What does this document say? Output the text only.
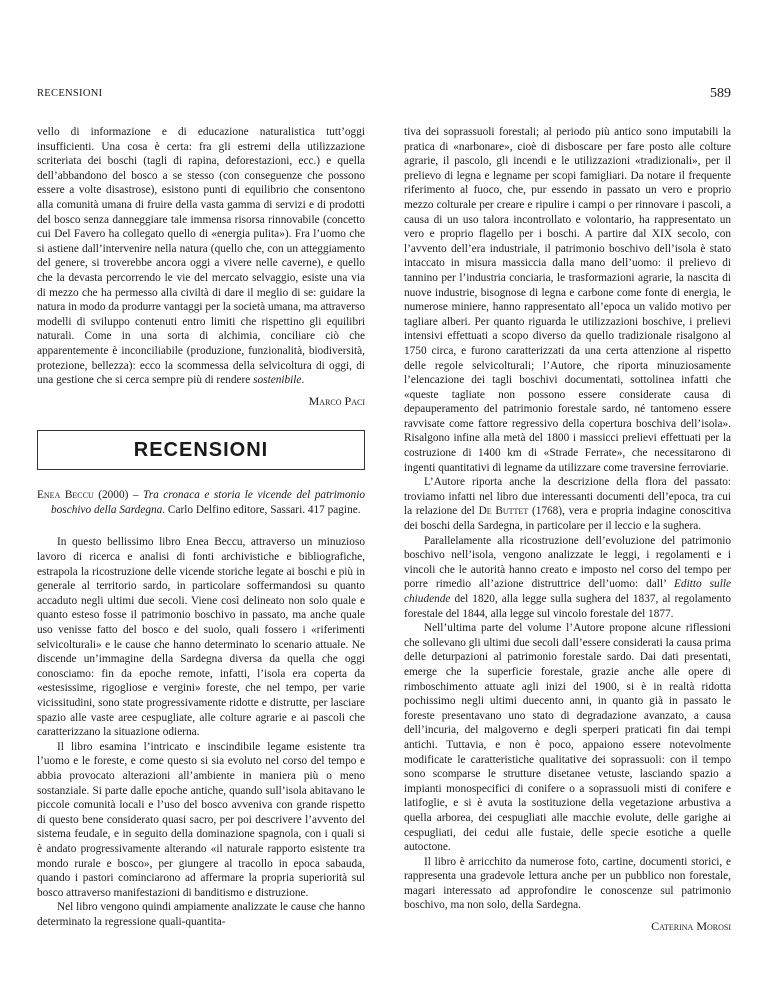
RECENSIONI	589

vello di informazione e di educazione naturalistica tutt’oggi insufficienti. Una cosa è certa: fra gli estremi della utilizzazione scriteriata dei boschi (tagli di rapina, deforestazioni, ecc.) e quella dell’abbandono del bosco a se stesso (con conseguenze che possono essere a volte disastrose), esistono punti di equilibrio che consentono alla comunità umana di fruire della vasta gamma di servizi e di prodotti del bosco senza danneggiare tale immensa risorsa rinnovabile (concetto cui Del Favero ha collegato quello di «energia pulita»). Fra l’uomo che si astiene dall’intervenire nella natura (quello che, con un atteggiamento del genere, si troverebbe ancora oggi a vivere nelle caverne), e quello che la devasta percorrendo le vie del mercato selvaggio, esiste una via di mezzo che ha permesso alla civiltà di dare il meglio di se: guidare la natura in modo da produrre vantaggi per la società umana, ma attraverso modelli di sviluppo contenuti entro limiti che rispettino gli equilibri naturali. Come in una sorta di alchimia, conciliare ciò che apparentemente è inconciliabile (produzione, funzionalità, biodiversità, protezione, bellezza): ecco la scommessa della selvicoltura di oggi, di una gestione che si cerca sempre più di rendere sostenibile.

Marco Paci

RECENSIONI

Enea Beccu (2000) – Tra cronaca e storia le vicende del patrimonio boschivo della Sardegna. Carlo Delfino editore, Sassari. 417 pagine.

In questo bellissimo libro Enea Beccu, attraverso un minuzioso lavoro di ricerca e analisi di fonti archivistiche e bibliografiche, estrapola la ricostruzione delle vicende storiche legate ai boschi e più in generale al territorio sardo, in particolare soffermandosi su quanto accaduto negli ultimi due secoli. Viene così delineato non solo quale e quanto esteso fosse il patrimonio boschivo in passato, ma anche quale uso venisse fatto del bosco e del suolo, quali fossero i «riferimenti selvicolturali» e le cause che hanno determinato lo scenario attuale. Ne discende un’immagine della Sardegna diversa da quella che oggi conosciamo: fin da epoche remote, infatti, l’isola era coperta da «estesissime, rigogliose e vergini» foreste, che nel tempo, per varie vicissitudini, sono state progressivamente ridotte e distrutte, per lasciare spazio alle vaste aree cespugliate, alle colture agrarie e ai pascoli che caratterizzano la situazione odierna.

Il libro esamina l’intricato e inscindibile legame esistente tra l’uomo e le foreste, e come questo si sia evoluto nel corso del tempo e abbia provocato alterazioni all’ambiente in maniera più o meno sostanziale. Si parte dalle epoche antiche, quando sull’isola abitavano le piccole comunità locali e l’uso del bosco avveniva con grande rispetto di questo bene considerato quasi sacro, per poi descrivere l’avvento del sistema feudale, e in seguito della dominazione spagnola, con i quali si è andato progressivamente alterando «il naturale rapporto esistente tra mondo rurale e bosco», per giungere al tracollo in epoca sabauda, quando i pastori cominciarono ad affermare la propria superiorità sul bosco attraverso manifestazioni di banditismo e distruzione.

Nel libro vengono quindi ampiamente analizzate le cause che hanno determinato la regressione quali-quantita-

tiva dei soprassuoli forestali; al periodo più antico sono imputabili la pratica di «narbonare», cioè di disboscare per fare posto alle colture agrarie, il pascolo, gli incendi e le utilizzazioni «tradizionali», per il prelievo di legna e legname per scopi famigliari. Da notare il frequente riferimento al fuoco, che, pur essendo in passato un vero e proprio mezzo colturale per creare e ripulire i campi o per rinnovare i pascoli, a causa di un uso talora incontrollato e volontario, ha rappresentato un vero e proprio flagello per i boschi. A partire dal XIX secolo, con l’avvento dell’era industriale, il patrimonio boschivo dell’isola è stato intaccato in misura massiccia dalla mano dell’uomo: il prelievo di tannino per l’industria conciaria, le trasformazioni agrarie, la nascita di nuove industrie, bisognose di legna e carbone come fonte di energia, le numerose miniere, hanno rappresentato all’epoca un valido motivo per tagliare alberi. Per quanto riguarda le utilizzazioni boschive, i prelievi intensivi effettuati a scopo diverso da quello tradizionale risalgono al 1750 circa, e furono caratterizzati da una certa attenzione al rispetto delle regole selvicolturali; l’Autore, che riporta minuziosamente l’elencazione dei tagli boschivi documentati, sottolinea infatti che «queste tagliate non possono essere considerate causa di depauperamento del patrimonio forestale sardo, né tantomeno essere ravvisate come fattore regressivo della copertura boschiva dell’isola». Risalgono infine alla metà del 1800 i massicci prelievi effettuati per la costruzione di 1400 km di «Strade Ferrate», che necessitarono di ingenti quantitativi di legname da utilizzare come traversine ferroviarie.

L’Autore riporta anche la descrizione della flora del passato: troviamo infatti nel libro due interessanti documenti dell’epoca, tra cui la relazione del De Buttet (1768), vera e propria indagine conoscitiva dei boschi della Sardegna, in particolare per il leccio e la sughera.

Parallelamente alla ricostruzione dell’evoluzione del patrimonio boschivo nell’isola, vengono analizzate le leggi, i regolamenti e i vincoli che le autorità hanno creato e imposto nel corso del tempo per porre rimedio all’azione distruttrice dell’uomo: dall’ Editto sulle chiudende del 1820, alla legge sulla sughera del 1837, al regolamento forestale del 1844, alla legge sul vincolo forestale del 1877.

Nell’ultima parte del volume l’Autore propone alcune riflessioni che sollevano gli ultimi due secoli dall’essere considerati la causa prima delle deturpazioni al patrimonio forestale sardo. Dai dati presentati, emerge che la superficie forestale, grazie anche alle opere di rimboschimento attuate agli inizi del 1900, si è in realtà ridotta pochissimo negli ultimi duecento anni, in quanto già in passato le foreste presentavano uno stato di degradazione avanzato, a causa dell’incuria, del malgoverno e degli sperperi praticati fin dai tempi antichi. Tuttavia, e non è poco, appaiono essere notevolmente modificate le caratteristiche qualitative dei soprassuoli: con il tempo sono scomparse le strutture disetanee vetuste, lasciando spazio a impianti monospecifici di conifere o a soprassuoli misti di conifere e latifoglie, e si è avuta la sostituzione della vegetazione arbustiva a quella arborea, dei cespugliati alle macchie evolute, delle garighe ai cespugliati, dei cedui alle fustaie, delle specie esotiche a quelle autoctone.

Il libro è arricchito da numerose foto, cartine, documenti storici, e rappresenta una gradevole lettura anche per un pubblico non forestale, magari interessato ad approfondire le conoscenze sul patrimonio boschivo, ma non solo, della Sardegna.

Caterina Morosi
